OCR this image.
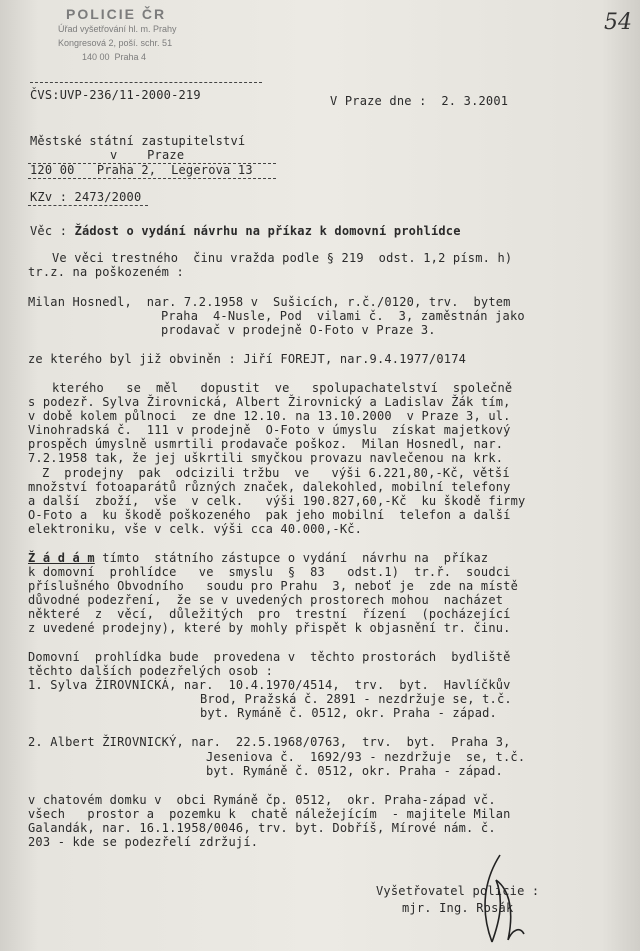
POLICIE ČR
Úřad vyšetřování hl. m. Prahy
Kongresová 2, poší. schr. 51
140 00  Praha 4
54
ČVS:UVP-236/11-2000-219	V Praze dne :  2. 3.2001
Městské státní zastupitelství
v    Praze
120 00   Praha 2,  Legerova 13
KZv : 2473/2000
Věc : Žádost o vydání návrhu na příkaz k domovní prohlídce
Ve věci trestného  činu vražda podle § 219  odst. 1,2 písm. h)
tr.z. na poškozeném :
Milan Hosnedl,  nar. 7.2.1958 v  Sušicích, r.č./0120, trv.  bytem
Praha  4-Nusle, Pod  vilami č.  3, zaměstnán jako
prodavač v prodejně O-Foto v Praze 3.
ze kterého byl již obviněn : Jiří FOREJT, nar.9.4.1977/0174
kterého   se  měl   dopustit  ve   spolupachatelství  společně
s podezř. Sylva Žirovnická, Albert Žirovnický a Ladislav Žák tím,
v době kolem půlnoci  ze dne 12.10. na 13.10.2000  v Praze 3, ul.
Vinohradská č.  111 v prodejně  O-Foto v úmyslu  získat majetkový
prospěch úmyslně usmrtili prodavače poškoz.  Milan Hosnedl, nar.
7.2.1958 tak, že jej uškrtili smyčkou provazu navlečenou na krk.
Z  prodejny  pak  odcizili tržbu  ve   výši 6.221,80,-Kč, větší
množství fotoaparátů různých značek, dalekohled, mobilní telefony
a další  zboží,  vše  v celk.   výši 190.827,60,-Kč  ku škodě firmy
O-Foto a  ku škodě poškozeného  pak jeho mobilní  telefon a další
elektroniku, vše v celk. výši cca 40.000,-Kč.
k domovní  prohlídce   ve  smyslu  §  83   odst.1)  tr.ř.  soudci
příslušného Obvodního   soudu pro Prahu  3, neboť je  zde na místě
důvodné podezření,  že se v uvedených prostorech mohou  nacházet
některé  z  věcí,  důležitých  pro  trestní  řízení  (pocházející
z uvedené prodejny), které by mohly přispět k objasnění tr. činu.
Domovní  prohlídka bude  provedena v  těchto prostorách  bydliště
těchto dalších podezřelých osob :
1. Sylva ŽIROVNICKÁ, nar.  10.4.1970/4514,  trv.  byt.  Havlíčkův
Brod, Pražská č. 2891 - nezdržuje se, t.č.
byt. Rymáně č. 0512, okr. Praha - západ.
2. Albert ŽIROVNICKÝ, nar.  22.5.1968/0763,  trv.  byt.  Praha 3,
Jeseniova č.  1692/93 - nezdržuje  se, t.č.
byt. Rymáně č. 0512, okr. Praha - západ.
v chatovém domku v  obci Rymáně čp. 0512,  okr. Praha-západ vč.
všech   prostor a  pozemku k  chatě náležejícím  - majitele Milan
Galandák, nar. 16.1.1958/0046, trv. byt. Dobříš, Mírové nám. č.
203 - kde se podezřelí zdržují.
Ž á d á m tímto  státního zástupce o vydání  návrhu na  příkaz
Vyšetřovatel policie :
mjr. Ing. Rosák
